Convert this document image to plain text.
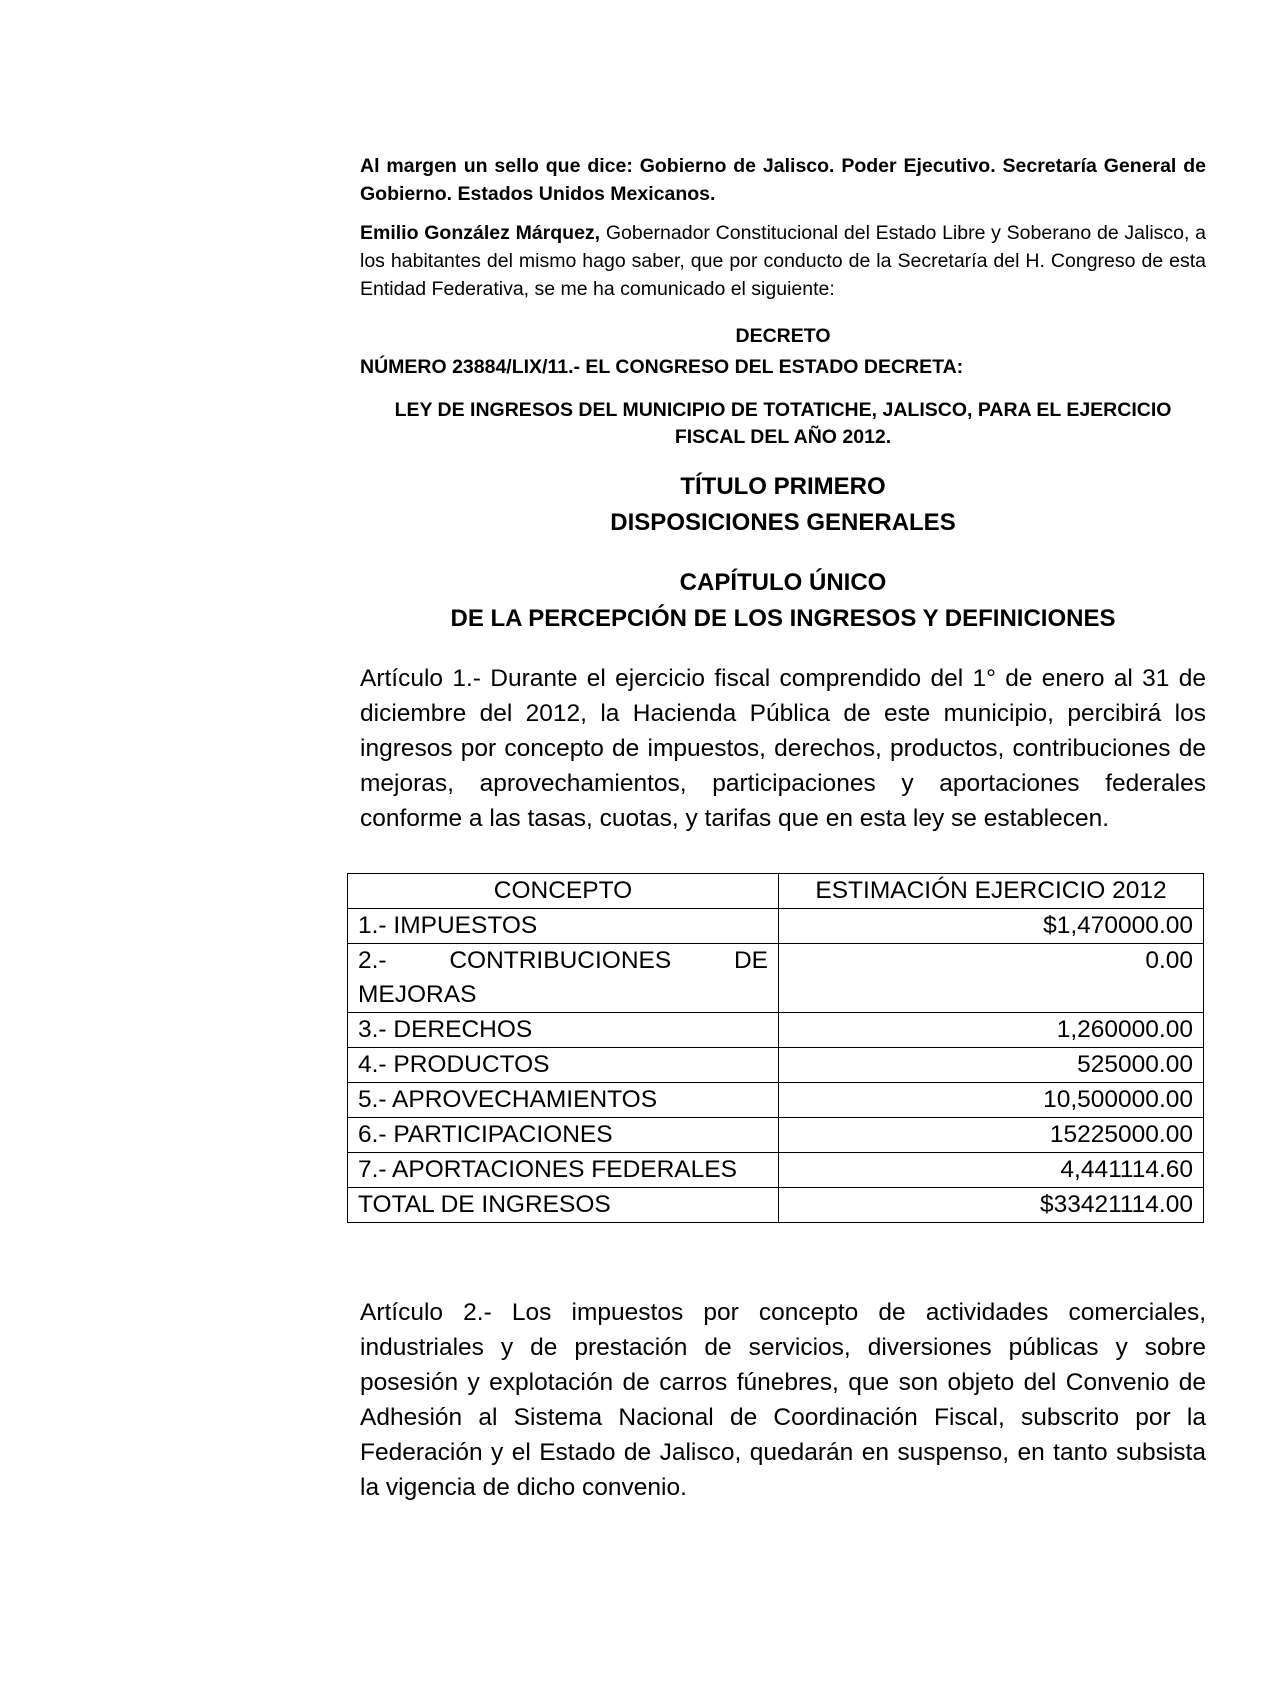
Al margen un sello que dice: Gobierno de Jalisco. Poder Ejecutivo. Secretaría General de Gobierno. Estados Unidos Mexicanos.

Emilio González Márquez, Gobernador Constitucional del Estado Libre y Soberano de Jalisco, a los habitantes del mismo hago saber, que por conducto de la Secretaría del H. Congreso de esta Entidad Federativa, se me ha comunicado el siguiente:

DECRETO

NÚMERO 23884/LIX/11.- EL CONGRESO DEL ESTADO DECRETA:

LEY DE INGRESOS DEL MUNICIPIO DE TOTATICHE, JALISCO, PARA EL EJERCICIO FISCAL DEL AÑO 2012.

TÍTULO PRIMERO

DISPOSICIONES GENERALES

CAPÍTULO ÚNICO

DE LA PERCEPCIÓN DE LOS INGRESOS Y DEFINICIONES

Artículo 1.- Durante el ejercicio fiscal comprendido del 1° de enero al 31 de diciembre del 2012, la Hacienda Pública de este municipio, percibirá los ingresos por concepto de impuestos, derechos, productos, contribuciones de mejoras, aprovechamientos, participaciones y aportaciones federales conforme a las tasas, cuotas, y tarifas que en esta ley se establecen.

CONCEPTO	ESTIMACIÓN EJERCICIO 2012
1.- IMPUESTOS	$1,470000.00

2.- CONTRIBUCIONES DE
MEJORAS	0.00
3.- DERECHOS	1,260000.00
4.- PRODUCTOS	525000.00
5.- APROVECHAMIENTOS	10,500000.00
6.- PARTICIPACIONES	15225000.00
7.- APORTACIONES FEDERALES	4,441114.60
TOTAL DE INGRESOS	$33421114.00

Artículo 2.- Los impuestos por concepto de actividades comerciales, industriales y de prestación de servicios, diversiones públicas y sobre posesión y explotación de carros fúnebres, que son objeto del Convenio de Adhesión al Sistema Nacional de Coordinación Fiscal, subscrito por la Federación y el Estado de Jalisco, quedarán en suspenso, en tanto subsista la vigencia de dicho convenio.
